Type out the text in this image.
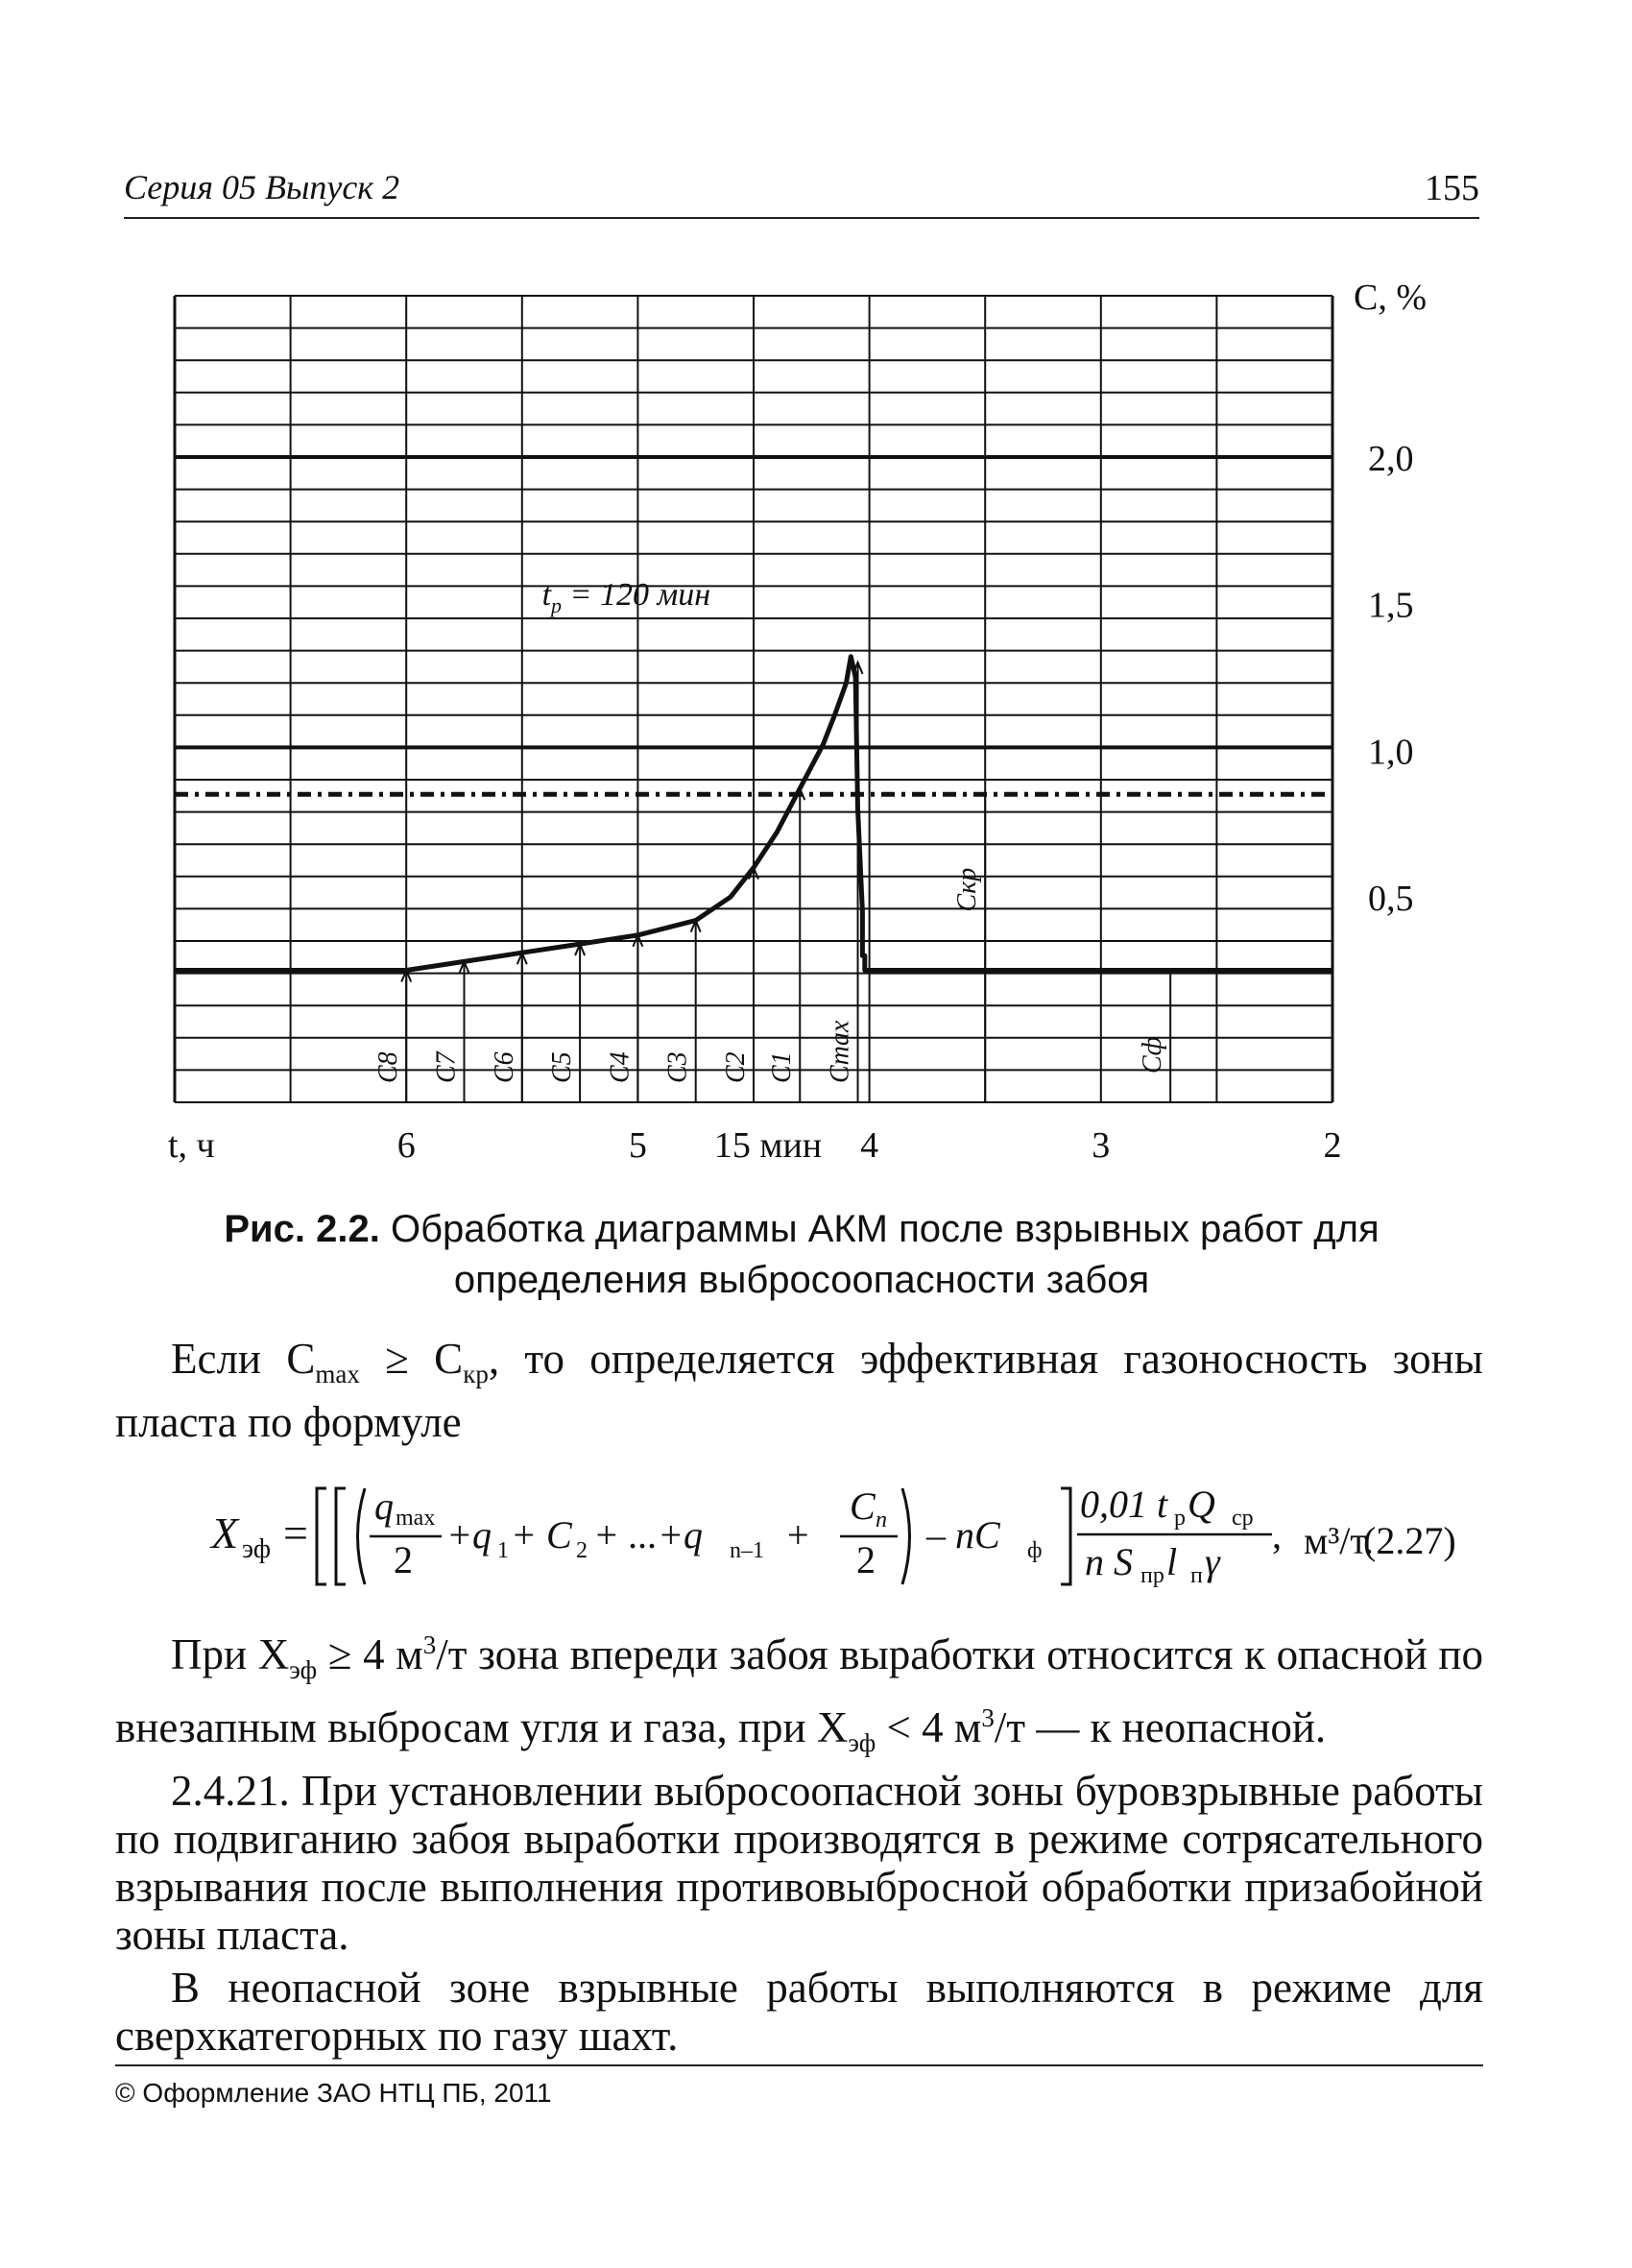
Серия 05 Выпуск 2	155
C8 C7 C6 C5 C4 C3 C2 C1 Cmax
Cкр
Cф
$t_р = 120$ мин
С, %
2,0
1,5
1,0
0,5
t, ч	6	5	4	3	2
15 мин
Рис. 2.2. Обработка диаграммы АКМ после взрывных работ для определения выбросоопасности забоя
Если $C_{max} \ge C_{кр}$, то определяется эффективная газоносность зоны пласта по формуле
X эф =
q max
2
+q 1 + C 2 + ...+q n–1 +
C n
2
– nC ф
0,01 t р Q ср
n S пр l п γ
, м³/т.
(2.27)
При $X_{эф} \ge 4$ $м^3/т$ зона впереди забоя выработки относится к опасной по внезапным выбросам угля и газа, при $X_{эф} < 4$ $м^3/т$ — к неопасной.
2.4.21. При установлении выбросоопасной зоны буровзрывные работы по подвиганию забоя выработки производятся в режиме сотрясательного взрывания после выполнения противовыбросной обработки призабойной зоны пласта.
В неопасной зоне взрывные работы выполняются в режиме для сверхкатегорных по газу шахт.
© Оформление ЗАО НТЦ ПБ, 2011
